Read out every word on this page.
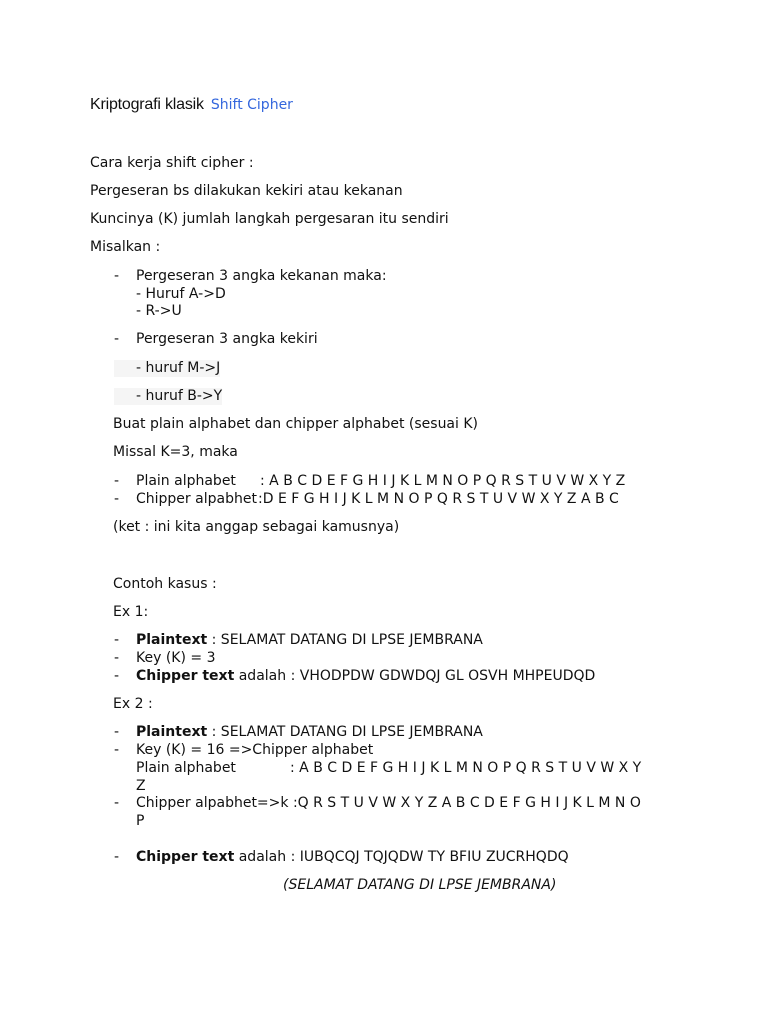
Kriptografi klasik Shift Cipher
Cara kerja shift cipher :
Pergeseran bs dilakukan kekiri atau kekanan
Kuncinya (K) jumlah langkah pergesaran itu sendiri
Misalkan :
- Pergeseran 3 angka kekanan maka:
- Huruf A->D
- R->U
- Pergeseran 3 angka kekiri
- huruf M->J
- huruf B->Y
Buat plain alphabet dan chipper alphabet (sesuai K)
Missal K=3, maka
- Plain alphabet : A B C D E F G H I J K L M N O P Q R S T U V W X Y Z
- Chipper alpabhet :D E F G H I J K L M N O P Q R S T U V W X Y Z A B C
(ket : ini kita anggap sebagai kamusnya)
Contoh kasus :
Ex 1:
- Plaintext : SELAMAT DATANG DI LPSE JEMBRANA
- Key (K) = 3
- Chipper text adalah : VHODPDW GDWDQJ GL OSVH MHPEUDQD
Ex 2 :
- Plaintext : SELAMAT DATANG DI LPSE JEMBRANA
- Key (K) = 16 =>Chipper alphabet
Plain alphabet	: A B C D E F G H I J K L M N O P Q R S T U V W X Y
Z
- Chipper alpabhet=>k :Q R S T U V W X Y Z A B C D E F G H I J K L M N O
P
- Chipper text adalah : IUBQCQJ TQJQDW TY BFIU ZUCRHQDQ
(SELAMAT DATANG DI LPSE JEMBRANA)
